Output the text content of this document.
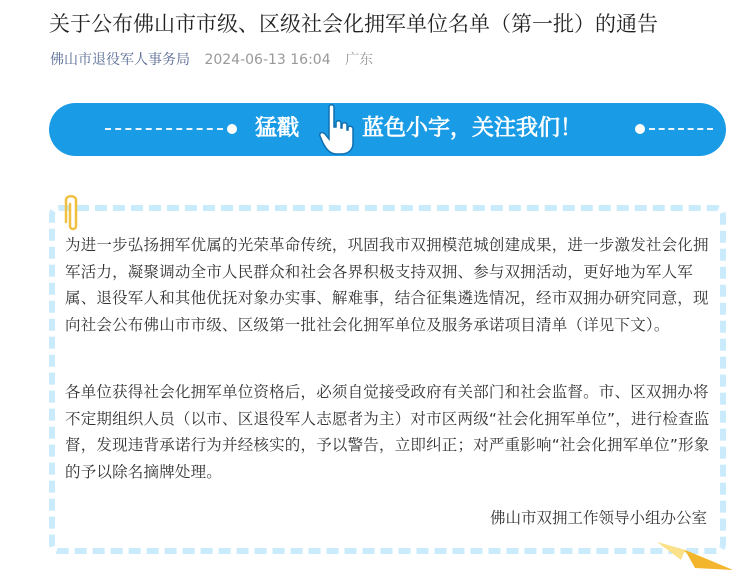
关于公布佛山市市级、区级社会化拥军单位名单（第一批）的通告
佛山市退役军人事务局 2024-06-13 16:04 广东
猛戳	蓝色小字，关注我们！
为进一步弘扬拥军优属的光荣革命传统，巩固我市双拥模范城创建成果，进一步激发社会化拥军活力，凝聚调动全市人民群众和社会各界积极支持双拥、参与双拥活动，更好地为军人军属、退役军人和其他优抚对象办实事、解难事，结合征集遴选情况，经市双拥办研究同意，现向社会公布佛山市市级、区级第一批社会化拥军单位及服务承诺项目清单（详见下文）。
各单位获得社会化拥军单位资格后，必须自觉接受政府有关部门和社会监督。市、区双拥办将不定期组织人员（以市、区退役军人志愿者为主）对市区两级“社会化拥军单位”，进行检查监督，发现违背承诺行为并经核实的，予以警告，立即纠正；对严重影响“社会化拥军单位”形象的予以除名摘牌处理。
佛山市双拥工作领导小组办公室
